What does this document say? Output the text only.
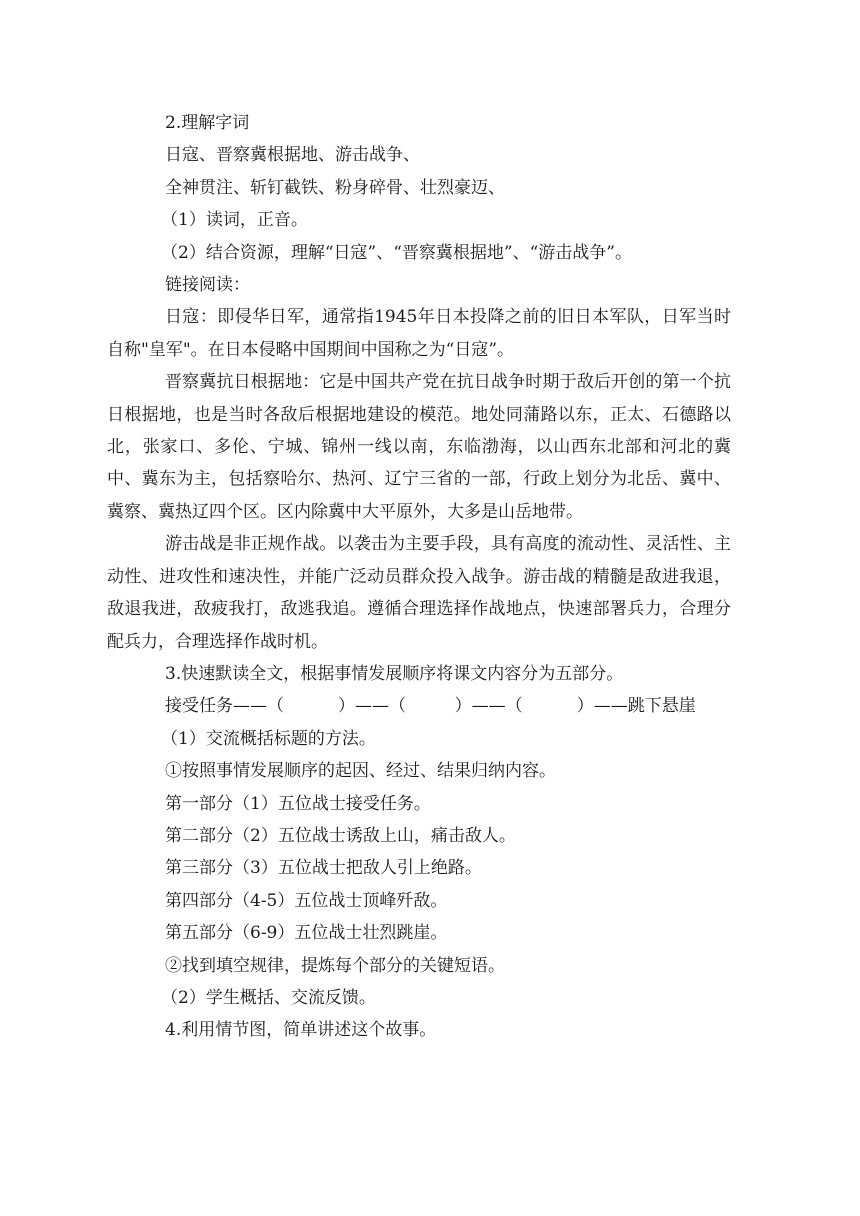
2.理解字词
日寇、晋察冀根据地、游击战争、
全神贯注、斩钉截铁、粉身碎骨、壮烈豪迈、
（1）读词，正音。
（2）结合资源，理解“日寇”、“晋察冀根据地”、“游击战争”。
链接阅读：
日寇：即侵华日军，通常指1945年日本投降之前的旧日本军队，日军当时自称"皇军"。在日本侵略中国期间中国称之为“日寇”。
晋察冀抗日根据地：它是中国共产党在抗日战争时期于敌后开创的第一个抗日根据地，也是当时各敌后根据地建设的模范。地处同蒲路以东，正太、石德路以北，张家口、多伦、宁城、锦州一线以南，东临渤海，以山西东北部和河北的冀中、冀东为主，包括察哈尔、热河、辽宁三省的一部，行政上划分为北岳、冀中、冀察、冀热辽四个区。区内除冀中大平原外，大多是山岳地带。
游击战是非正规作战。以袭击为主要手段，具有高度的流动性、灵活性、主动性、进攻性和速决性，并能广泛动员群众投入战争。游击战的精髓是敌进我退，敌退我进，敌疲我打，敌逃我追。遵循合理选择作战地点，快速部署兵力，合理分配兵力，合理选择作战时机。
3.快速默读全文，根据事情发展顺序将课文内容分为五部分。
接受任务——（          ）——（         ）——（          ）——跳下悬崖
（1）交流概括标题的方法。
①按照事情发展顺序的起因、经过、结果归纳内容。
第一部分（1）五位战士接受任务。
第二部分（2）五位战士诱敌上山，痛击敌人。
第三部分（3）五位战士把敌人引上绝路。
第四部分（4-5）五位战士顶峰歼敌。
第五部分（6-9）五位战士壮烈跳崖。
②找到填空规律，提炼每个部分的关键短语。
（2）学生概括、交流反馈。
4.利用情节图，简单讲述这个故事。
